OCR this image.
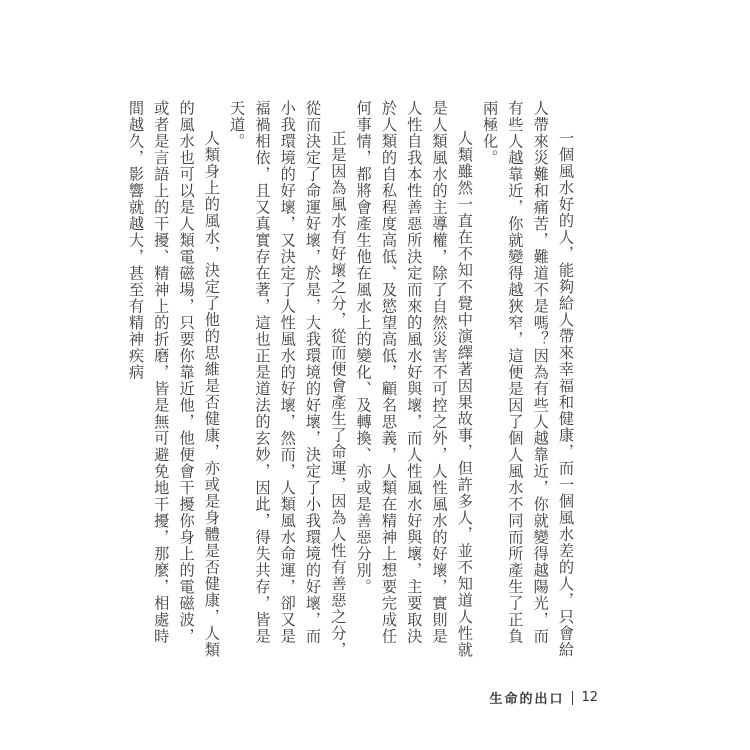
一個風水好的人，能夠給人帶來幸福和健康，而一個風水差的人，只會給人帶來災難和痛苦，難道不是嗎？因為有些人越靠近，你就變得越陽光，而有些人越靠近，你就變得越狹窄，這便是因了個人風水不同而所產生了正負兩極化。

人類雖然一直在不知不覺中演繹著因果故事，但許多人，並不知道人性就是人類風水的主導權，除了自然災害不可控之外，人性風水的好壞，實則是人性自我本性善惡所決定而來的風水好與壞，而人性風水好與壞，主要取決於人類的自私程度高低、及慾望高低，顧名思義，人類在精神上想要完成任何事情，都將會產生他在風水上的變化、及轉換、亦或是善惡分別。

正是因為風水有好壞之分，從而便會產生了命運，因為人性有善惡之分，從而決定了命運好壞，於是，大我環境的好壞，決定了小我環境的好壞，而小我環境的好壞，又決定了人性風水的好壞，然而，人類風水命運，卻又是福禍相依，且又真實存在著，這也正是道法的玄妙，因此，得失共存，皆是天道。

人類身上的風水，決定了他的思維是否健康，亦或是身體是否健康，人類的風水也可以是人類電磁場，只要你靠近他，他便會干擾你身上的電磁波，或者是言語上的干擾、精神上的折磨，皆是無可避免地干擾，那麼，相處時間越久，影響就越大，甚至有精神疾病

生命的出口 12
